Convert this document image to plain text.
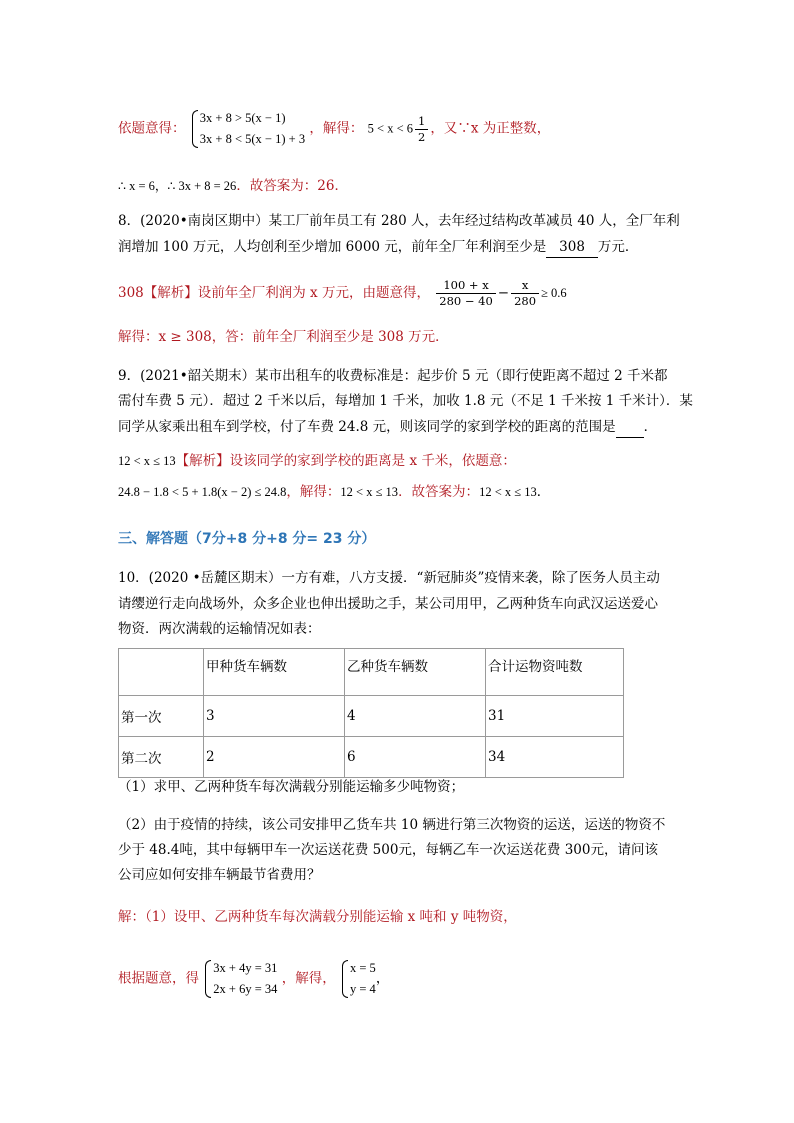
依题意得：
3x + 8 > 5(x − 1)
3x + 8 < 5(x − 1) + 3
，解得： $5 < x < 6 \frac{1}{2}$ ，又∵x 为正整数，
∴ x = 6，∴ 3x + 8 = 26．故答案为：26．
8．(2020•南岗区期中）某工厂前年员工有 280 人，去年经过结构改革减员 40 人，全厂年利
润增加 100 万元，人均创利至少增加 6000 元，前年全厂年利润至少是 308 万元．
308【解析】设前年全厂利润为 x 万元，由题意得， $\frac{100 + x}{280 - 40} - \frac{x}{280} \ge 0.6$
解得：x ≥ 308，答：前年全厂利润至少是 308 万元．
9．(2021•韶关期末）某市出租车的收费标准是：起步价 5 元（即行使距离不超过 2 千米都
需付车费 5 元）．超过 2 千米以后，每增加 1 千米，加收 1.8 元（不足 1 千米按 1 千米计）．某
同学从家乘出租车到学校，付了车费 24.8 元，则该同学的家到学校的距离的范围是 ．
12 < x ≤ 13【解析】设该同学的家到学校的距离是 x 千米，依题意：
24.8 − 1.8 < 5 + 1.8(x − 2) ≤ 24.8，解得：12 < x ≤ 13．故答案为：12 < x ≤ 13．
三、解答题（7分+8 分+8 分= 23 分）
10．(2020 •岳麓区期末）一方有难，八方支援．“新冠肺炎”疫情来袭，除了医务人员主动
请缨逆行走向战场外，众多企业也伸出援助之手，某公司用甲，乙两种货车向武汉运送爱心
物资．两次满载的运输情况如表：
	甲种货车辆数	乙种货车辆数	合计运物资吨数
第一次	3	4	31
第二次	2	6	34
（1）求甲、乙两种货车每次满载分别能运输多少吨物资；
（2）由于疫情的持续，该公司安排甲乙货车共 10 辆进行第三次物资的运送，运送的物资不
少于 48.4吨，其中每辆甲车一次运送花费 500元，每辆乙车一次运送花费 300元，请问该
公司应如何安排车辆最节省费用？
解：（1）设甲、乙两种货车每次满载分别能运输 x 吨和 y 吨物资，
根据题意，得
3x + 4y = 31
2x + 6y = 34
，解得，
x = 5
y = 4
，
